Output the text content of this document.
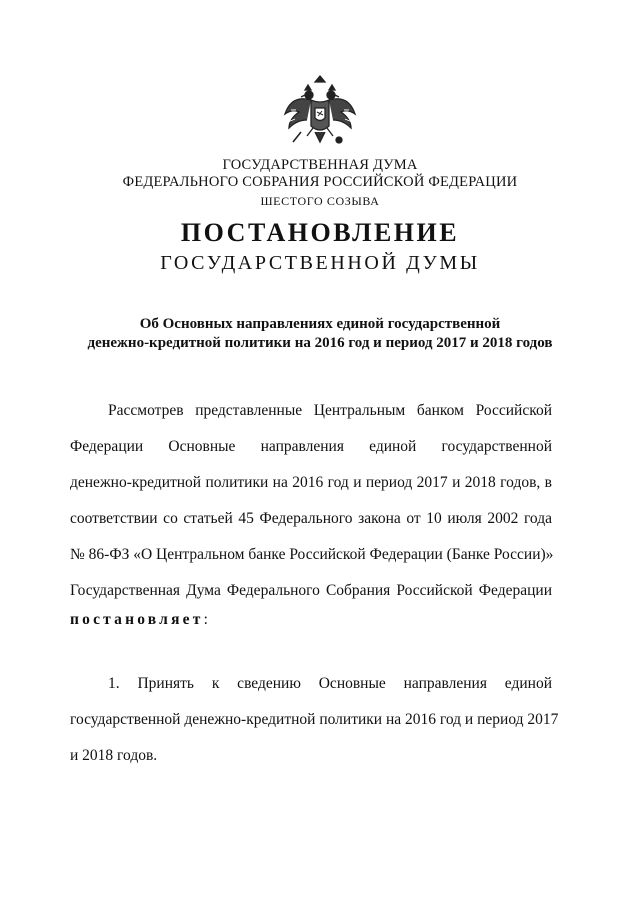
ГОСУДАРСТВЕННАЯ ДУМА
ФЕДЕРАЛЬНОГО СОБРАНИЯ РОССИЙСКОЙ ФЕДЕРАЦИИ
ШЕСТОГО СОЗЫВА
ПОСТАНОВЛЕНИЕ
ГОСУДАРСТВЕННОЙ ДУМЫ
Об Основных направлениях единой государственной
денежно-кредитной политики на 2016 год и период 2017 и 2018 годов
Рассмотрев представленные Центральным банком Российской
Федерации Основные направления единой государственной
денежно-кредитной политики на 2016 год и период 2017 и 2018 годов, в
соответствии со статьей 45 Федерального закона от 10 июля 2002 года
№ 86-ФЗ «О Центральном банке Российской Федерации (Банке России)»
Государственная Дума Федерального Собрания Российской Федерации
постановляет:
1. Принять к сведению Основные направления единой
государственной денежно-кредитной политики на 2016 год и период 2017
и 2018 годов.
